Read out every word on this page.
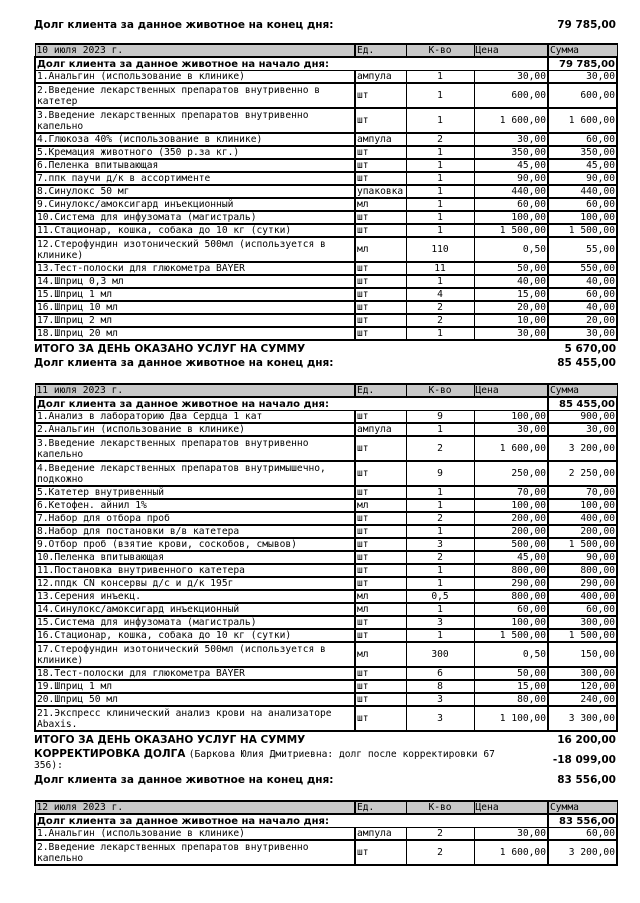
Долг клиента за данное животное на конец дня:	79 785,00
10 июля 2023 г.	Ед.	К-во	Цена	Сумма
Долг клиента за данное животное на начало дня:				79 785,00
1.Анальгин (использование в клинике)	ампула	1	30,00	30,00
2.Введение лекарственных препаратов внутривенно в катетер	шт	1	600,00	600,00
3.Введение лекарственных препаратов внутривенно капельно	шт	1	1 600,00	1 600,00
4.Глюкоза 40% (использование в клинике)	ампула	2	30,00	60,00
5.Кремация животного (350 р.за кг.)	шт	1	350,00	350,00
6.Пеленка впитывающая	шт	1	45,00	45,00
7.ппк паучи д/к в ассортименте	шт	1	90,00	90,00
8.Синулокс 50 мг	упаковка	1	440,00	440,00
9.Синулокс/амоксигард инъекционный	мл	1	60,00	60,00
10.Система для инфузомата (магистраль)	шт	1	100,00	100,00
11.Стационар, кошка, собака до 10 кг (сутки)	шт	1	1 500,00	1 500,00
12.Стерофундин изотонический 500мл (используется в клинике)	мл	110	0,50	55,00
13.Тест-полоски для глюкометра BAYER	шт	11	50,00	550,00
14.Шприц 0,3 мл	шт	1	40,00	40,00
15.Шприц 1 мл	шт	4	15,00	60,00
16.Шприц 10 мл	шт	2	20,00	40,00
17.Шприц 2 мл	шт	2	10,00	20,00
18.Шприц 20 мл	шт	1	30,00	30,00
ИТОГО ЗА ДЕНЬ ОКАЗАНО УСЛУГ НА СУММУ	5 670,00
Долг клиента за данное животное на конец дня:	85 455,00
11 июля 2023 г.	Ед.	К-во	Цена	Сумма
Долг клиента за данное животное на начало дня:				85 455,00
1.Анализ в лабораторию Два Сердца 1 кат	шт	9	100,00	900,00
2.Анальгин (использование в клинике)	ампула	1	30,00	30,00
3.Введение лекарственных препаратов внутривенно капельно	шт	2	1 600,00	3 200,00
4.Введение лекарственных препаратов внутримышечно, подкожно	шт	9	250,00	2 250,00
5.Катетер внутривенный	шт	1	70,00	70,00
6.Кетофен. айнил 1%	мл	1	100,00	100,00
7.Набор для отбора проб	шт	2	200,00	400,00
8.Набор для постановки в/в катетера	шт	1	200,00	200,00
9.Отбор проб (взятие крови, соскобов, смывов)	шт	3	500,00	1 500,00
10.Пеленка впитывающая	шт	2	45,00	90,00
11.Постановка внутривенного катетера	шт	1	800,00	800,00
12.ппдк CN консервы д/с и д/к 195г	шт	1	290,00	290,00
13.Серения инъекц.	мл	0,5	800,00	400,00
14.Синулокс/амоксигард инъекционный	мл	1	60,00	60,00
15.Система для инфузомата (магистраль)	шт	3	100,00	300,00
16.Стационар, кошка, собака до 10 кг (сутки)	шт	1	1 500,00	1 500,00
17.Стерофундин изотонический 500мл (используется в клинике)	мл	300	0,50	150,00
18.Тест-полоски для глюкометра BAYER	шт	6	50,00	300,00
19.Шприц 1 мл	шт	8	15,00	120,00
20.Шприц 50 мл	шт	3	80,00	240,00
21.Экспресс клинический анализ крови на анализаторе Abaxis.	шт	3	1 100,00	3 300,00
ИТОГО ЗА ДЕНЬ ОКАЗАНО УСЛУГ НА СУММУ	16 200,00
КОРРЕКТИРОВКА ДОЛГА (Баркова Юлия Дмитриевна: долг после корректировки 67 356):	-18 099,00
Долг клиента за данное животное на конец дня:	83 556,00
12 июля 2023 г.	Ед.	К-во	Цена	Сумма
Долг клиента за данное животное на начало дня:				83 556,00
1.Анальгин (использование в клинике)	ампула	2	30,00	60,00
2.Введение лекарственных препаратов внутривенно капельно	шт	2	1 600,00	3 200,00
